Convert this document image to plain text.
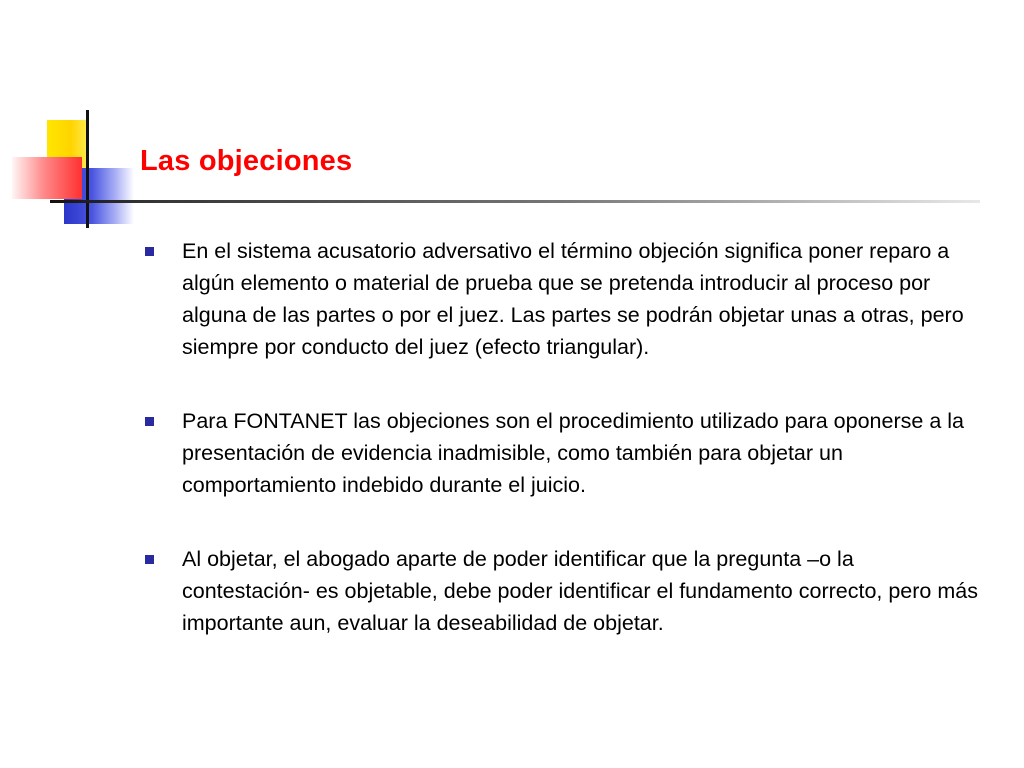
Las objeciones
En el sistema acusatorio adversativo el término objeción significa poner reparo a algún elemento o material de prueba que se pretenda introducir al proceso por alguna de las partes o por el juez. Las partes se podrán objetar unas a otras, pero siempre por conducto del juez (efecto triangular).
Para FONTANET las objeciones son el procedimiento utilizado para oponerse a la presentación de evidencia inadmisible, como también para objetar un comportamiento indebido durante el juicio.
Al objetar, el abogado aparte de poder identificar que la pregunta –o la contestación- es objetable, debe poder identificar el fundamento correcto, pero más importante aun, evaluar la deseabilidad de objetar.
